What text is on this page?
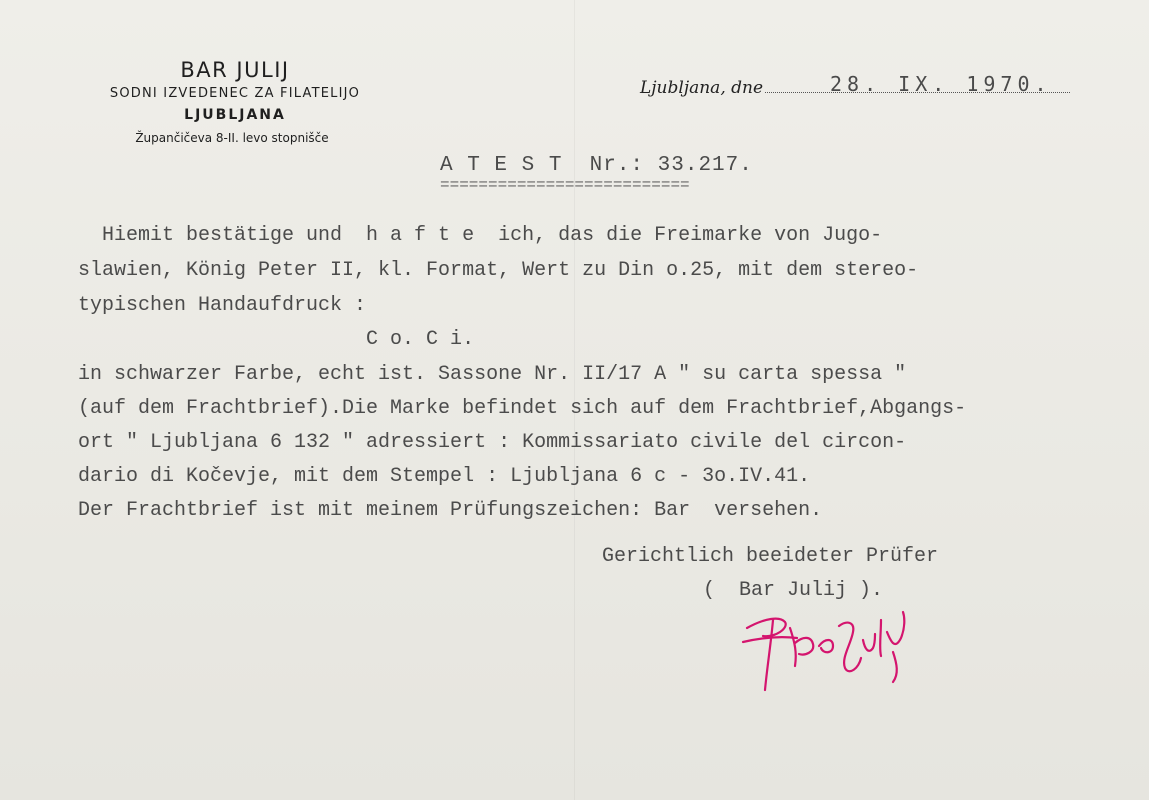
BAR JULIJ
SODNI IZVEDENEC ZA FILATELIJO
LJUBLJANA
Župančičeva 8-II. levo stopnišče
Ljubljana, dne	28. IX. 1970.
A T E S T  Nr.: 33.217.
==========================
Hiemit bestätige und  h a f t e  ich, das die Freimarke von Jugo-
slawien, König Peter II, kl. Format, Wert zu Din o.25, mit dem stereo-
typischen Handaufdruck :
C o. C i.
in schwarzer Farbe, echt ist. Sassone Nr. II/17 A " su carta spessa "
(auf dem Frachtbrief).Die Marke befindet sich auf dem Frachtbrief,Abgangs-
ort " Ljubljana 6 132 " adressiert : Kommissariato civile del circon-
dario di Kočevje, mit dem Stempel : Ljubljana 6 c - 3o.IV.41.
Der Frachtbrief ist mit meinem Prüfungszeichen: Bar  versehen.
Gerichtlich beeideter Prüfer
(  Bar Julij ).
